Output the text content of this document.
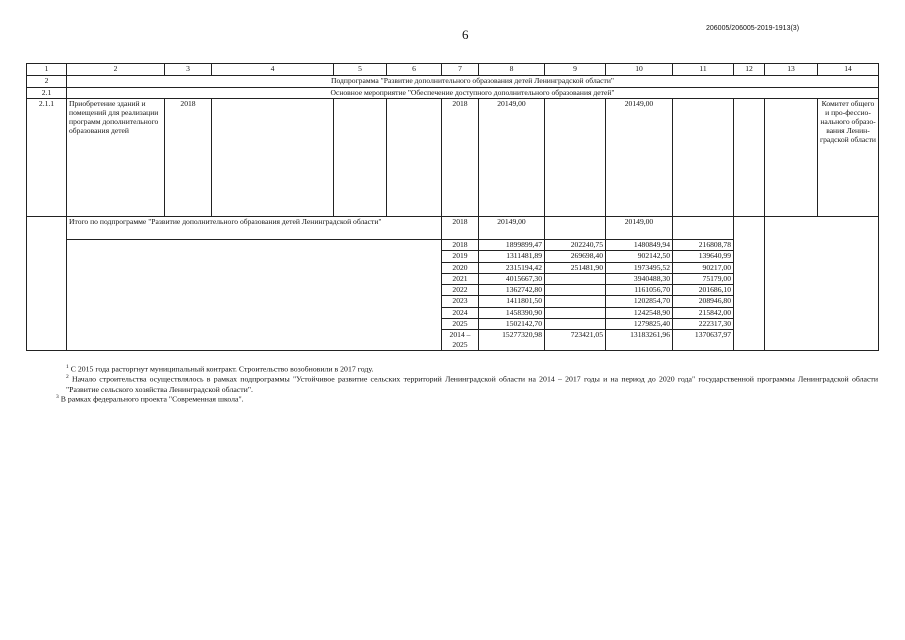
6	206005/206005-2019-1913(3)
1	2	3	4	5	6	7	8	9	10	11	12	13	14
2	Подпрограмма "Развитие дополнительного образования детей Ленинградской области"												
2.1	Основное мероприятие "Обеспечение доступного дополнительного образования детей"												
2.1.1	Приобретение зданий и помещений для реализации программ дополнительного образования детей	2018				2018	20149,00		20149,00				Комитет общего и про-фессио-нального образо-вания Ленин-градской области
	Итого по подпрограмме "Развитие дополнительного образования детей Ленинградской области"					2018	20149,00		20149,00				
						2018	1899899,47	202240,75	1480849,94	216808,78			
						2019	1311481,89	269698,40	902142,50	139640,99			
						2020	2315194,42	251481,90	1973495,52	90217,00			
						2021	4015667,30		3940488,30	75179,00			
						2022	1362742,80		1161056,70	201686,10			
						2023	1411801,50		1202854,70	208946,80			
						2024	1458390,90		1242548,90	215842,00			
						2025	1502142,70		1279825,40	222317,30			
						2014 – 2025	15277320,98	723421,05	13183261,96	1370637,97			

$^1$ С 2015 года расторгнут муниципальный контракт. Строительство возобновили в 2017 году.

$^2$ Начало строительства осуществлялось в рамках подпрограммы "Устойчивое развитие сельских территорий Ленинградской области на 2014 – 2017 годы и на период до 2020 года" государственной программы Ленинградской области "Развитие сельского хозяйства Ленинградской области".

$^3$ В рамках федерального проекта "Современная школа".
